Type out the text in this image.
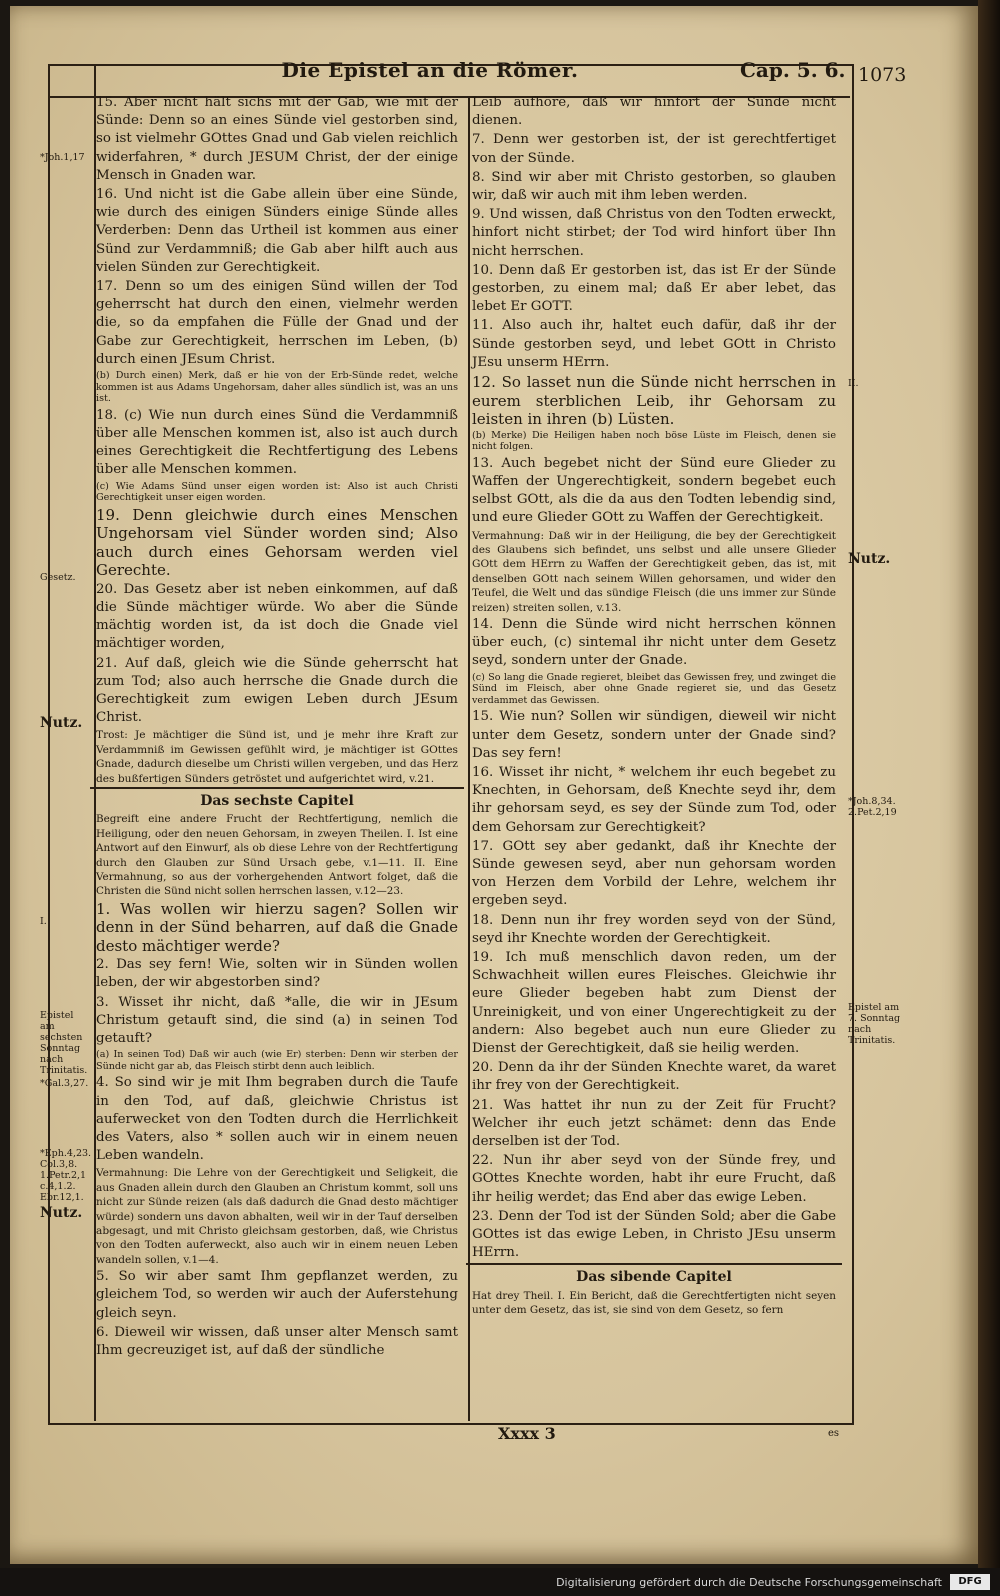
Die Epistel an die Römer.	Cap. 5. 6. 1073

15. Aber nicht hält sichs mit der Gab, wie mit der Sünde: Denn so an eines Sünde viel gestorben sind, so ist vielmehr GOttes Gnad und Gab vielen reichlich widerfahren, * durch JESUM Christ, der der einige Mensch in Gnaden war.

16. Und nicht ist die Gabe allein über eine Sünde, wie durch des einigen Sünders einige Sünde alles Verderben: Denn das Urtheil ist kommen aus einer Sünd zur Verdammniß; die Gab aber hilft auch aus vielen Sünden zur Gerechtigkeit.

17. Denn so um des einigen Sünd willen der Tod geherrscht hat durch den einen, vielmehr werden die, so da empfahen die Fülle der Gnad und der Gabe zur Gerechtigkeit, herrschen im Leben, (b) durch einen JEsum Christ.

(b) Durch einen) Merk, daß er hie von der Erb-Sünde redet, welche kommen ist aus Adams Ungehorsam, daher alles sündlich ist, was an uns ist.

18. (c) Wie nun durch eines Sünd die Verdammniß über alle Menschen kommen ist, also ist auch durch eines Gerechtigkeit die Rechtfertigung des Lebens über alle Menschen kommen.

(c) Wie Adams Sünd unser eigen worden ist: Also ist auch Christi Gerechtigkeit unser eigen worden.

19. Denn gleichwie durch eines Menschen Ungehorsam viel Sünder worden sind; Also auch durch eines Gehorsam werden viel Gerechte.

20. Das Gesetz aber ist neben einkommen, auf daß die Sünde mächtiger würde. Wo aber die Sünde mächtig worden ist, da ist doch die Gnade viel mächtiger worden,

21. Auf daß, gleich wie die Sünde geherrscht hat zum Tod; also auch herrsche die Gnade durch die Gerechtigkeit zum ewigen Leben durch JEsum Christ.

Trost: Je mächtiger die Sünd ist, und je mehr ihre Kraft zur Verdammniß im Gewissen gefühlt wird, je mächtiger ist GOttes Gnade, dadurch dieselbe um Christi willen vergeben, und das Herz des bußfertigen Sünders getröstet und aufgerichtet wird, v.21.

Das sechste Capitel

Begreift eine andere Frucht der Rechtfertigung, nemlich die Heiligung, oder den neuen Gehorsam, in zweyen Theilen. I. Ist eine Antwort auf den Einwurf, als ob diese Lehre von der Rechtfertigung durch den Glauben zur Sünd Ursach gebe, v.1—11. II. Eine Vermahnung, so aus der vorhergehenden Antwort folget, daß die Christen die Sünd nicht sollen herrschen lassen, v.12—23.

1. Was wollen wir hierzu sagen? Sollen wir denn in der Sünd beharren, auf daß die Gnade desto mächtiger werde?

2. Das sey fern! Wie, solten wir in Sünden wollen leben, der wir abgestorben sind?

3. Wisset ihr nicht, daß *alle, die wir in JEsum Christum getauft sind, die sind (a) in seinen Tod getauft?

(a) In seinen Tod) Daß wir auch (wie Er) sterben: Denn wir sterben der Sünde nicht gar ab, das Fleisch stirbt denn auch leiblich.

4. So sind wir je mit Ihm begraben durch die Taufe in den Tod, auf daß, gleichwie Christus ist auferwecket von den Todten durch die Herrlichkeit des Vaters, also * sollen auch wir in einem neuen Leben wandeln.

Vermahnung: Die Lehre von der Gerechtigkeit und Seligkeit, die aus Gnaden allein durch den Glauben an Christum kommt, soll uns nicht zur Sünde reizen (als daß dadurch die Gnad desto mächtiger würde) sondern uns davon abhalten, weil wir in der Tauf derselben abgesagt, und mit Christo gleichsam gestorben, daß, wie Christus von den Todten auferweckt, also auch wir in einem neuen Leben wandeln sollen, v.1—4.

5. So wir aber samt Ihm gepflanzet werden, zu gleichem Tod, so werden wir auch der Auferstehung gleich seyn.

6. Dieweil wir wissen, daß unser alter Mensch samt Ihm gecreuziget ist, auf daß der sündliche

Leib aufhöre, daß wir hinfort der Sünde nicht dienen.

7. Denn wer gestorben ist, der ist gerechtfertiget von der Sünde.

8. Sind wir aber mit Christo gestorben, so glauben wir, daß wir auch mit ihm leben werden.

9. Und wissen, daß Christus von den Todten erweckt, hinfort nicht stirbet; der Tod wird hinfort über Ihn nicht herrschen.

10. Denn daß Er gestorben ist, das ist Er der Sünde gestorben, zu einem mal; daß Er aber lebet, das lebet Er GOTT.

11. Also auch ihr, haltet euch dafür, daß ihr der Sünde gestorben seyd, und lebet GOtt in Christo JEsu unserm HErrn.

12. So lasset nun die Sünde nicht herrschen in eurem sterblichen Leib, ihr Gehorsam zu leisten in ihren (b) Lüsten.

(b) Merke) Die Heiligen haben noch böse Lüste im Fleisch, denen sie nicht folgen.

13. Auch begebet nicht der Sünd eure Glieder zu Waffen der Ungerechtigkeit, sondern begebet euch selbst GOtt, als die da aus den Todten lebendig sind, und eure Glieder GOtt zu Waffen der Gerechtigkeit.

Vermahnung: Daß wir in der Heiligung, die bey der Gerechtigkeit des Glaubens sich befindet, uns selbst und alle unsere Glieder GOtt dem HErrn zu Waffen der Gerechtigkeit geben, das ist, mit denselben GOtt nach seinem Willen gehorsamen, und wider den Teufel, die Welt und das sündige Fleisch (die uns immer zur Sünde reizen) streiten sollen, v.13.

14. Denn die Sünde wird nicht herrschen können über euch, (c) sintemal ihr nicht unter dem Gesetz seyd, sondern unter der Gnade.

(c) So lang die Gnade regieret, bleibet das Gewissen frey, und zwinget die Sünd im Fleisch, aber ohne Gnade regieret sie, und das Gesetz verdammet das Gewissen.

15. Wie nun? Sollen wir sündigen, dieweil wir nicht unter dem Gesetz, sondern unter der Gnade sind? Das sey fern!

16. Wisset ihr nicht, * welchem ihr euch begebet zu Knechten, in Gehorsam, deß Knechte seyd ihr, dem ihr gehorsam seyd, es sey der Sünde zum Tod, oder dem Gehorsam zur Gerechtigkeit?

17. GOtt sey aber gedankt, daß ihr Knechte der Sünde gewesen seyd, aber nun gehorsam worden von Herzen dem Vorbild der Lehre, welchem ihr ergeben seyd.

18. Denn nun ihr frey worden seyd von der Sünd, seyd ihr Knechte worden der Gerechtigkeit.

19. Ich muß menschlich davon reden, um der Schwachheit willen eures Fleisches. Gleichwie ihr eure Glieder begeben habt zum Dienst der Unreinigkeit, und von einer Ungerechtigkeit zu der andern: Also begebet auch nun eure Glieder zu Dienst der Gerechtigkeit, daß sie heilig werden.

20. Denn da ihr der Sünden Knechte waret, da waret ihr frey von der Gerechtigkeit.

21. Was hattet ihr nun zu der Zeit für Frucht? Welcher ihr euch jetzt schämet: denn das Ende derselben ist der Tod.

22. Nun ihr aber seyd von der Sünde frey, und GOttes Knechte worden, habt ihr eure Frucht, daß ihr heilig werdet; das End aber das ewige Leben.

23. Denn der Tod ist der Sünden Sold; aber die Gabe GOttes ist das ewige Leben, in Christo JEsu unserm HErrn.

Das sibende Capitel

Hat drey Theil. I. Ein Bericht, daß die Gerechtfertigten nicht seyen unter dem Gesetz, das ist, sie sind von dem Gesetz, so fern

*Joh.1,17
Gesetz.
Nutz.
I.
Epistel am sechsten Sonntag nach Trinitatis.
*Gal.3,27.
*Eph.4,23. Col.3,8. 1.Petr.2,1 c.4,1.2. Ebr.12,1.
Nutz.
II.
Nutz.
*Joh.8,34. 2.Pet.2,19
Epistel am 7. Sonntag nach Trinitatis.
Xxxx 3	es
Digitalisierung gefördert durch die Deutsche Forschungsgemeinschaft	DFG
